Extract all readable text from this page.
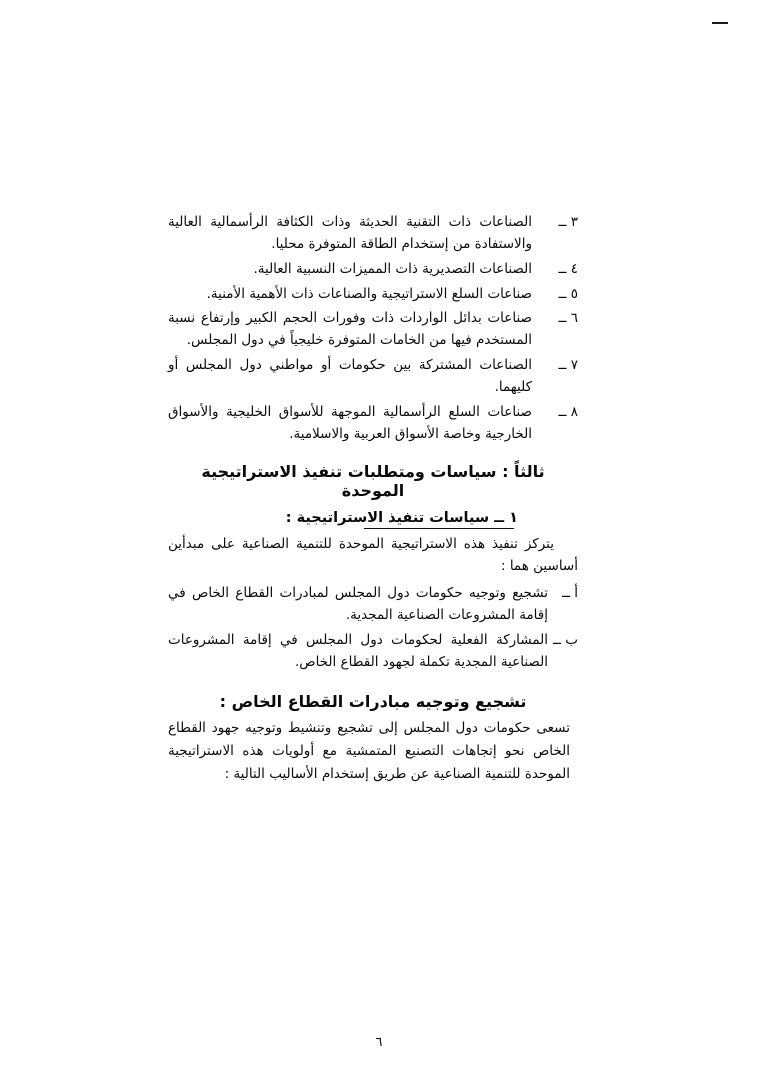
٣ ــ
الصناعات ذات التقنية الحديثة وذات الكثافة الرأسمالية العالية والاستفادة من إستخدام الطاقة المتوفرة محليا.
٤ ــ
الصناعات التصديرية ذات المميزات النسبية العالية.
٥ ــ
صناعات السلع الاستراتيجية والصناعات ذات الأهمية الأمنية.
٦ ــ
صناعات بدائل الواردات ذات وفورات الحجم الكبير وإرتفاع نسبة المستخدم فيها من الخامات المتوفرة خليجياً في دول المجلس.
٧ ــ
الصناعات المشتركة بين حكومات أو مواطني دول المجلس أو كليهما.
٨ ــ
صناعات السلع الرأسمالية الموجهة للأسواق الخليجية والأسواق الخارجية وخاصة الأسواق العربية والاسلامية.
ثالثاً : سياسات ومتطلبات تنفيذ الاستراتيجية الموحدة
١ ــ سياسات تنفيذ الاستراتيجية :
يتركز تنفيذ هذه الاستراتيجية الموحدة للتنمية الصناعية على مبدأين أساسين هما :
أ ــ
تشجيع وتوجيه حكومات دول المجلس لمبادرات القطاع الخاص في إقامة المشروعات الصناعية المجدية.
ب ــ
المشاركة الفعلية لحكومات دول المجلس في إقامة المشروعات الصناعية المجدية تكملة لجهود القطاع الخاص.
تشجيع وتوجيه مبادرات القطاع الخاص :
تسعى حكومات دول المجلس إلى تشجيع وتنشيط وتوجيه جهود القطاع الخاص نحو إتجاهات التصنيع المتمشية مع أولويات هذه الاستراتيجية الموحدة للتنمية الصناعية عن طريق إستخدام الأساليب التالية :
٦
